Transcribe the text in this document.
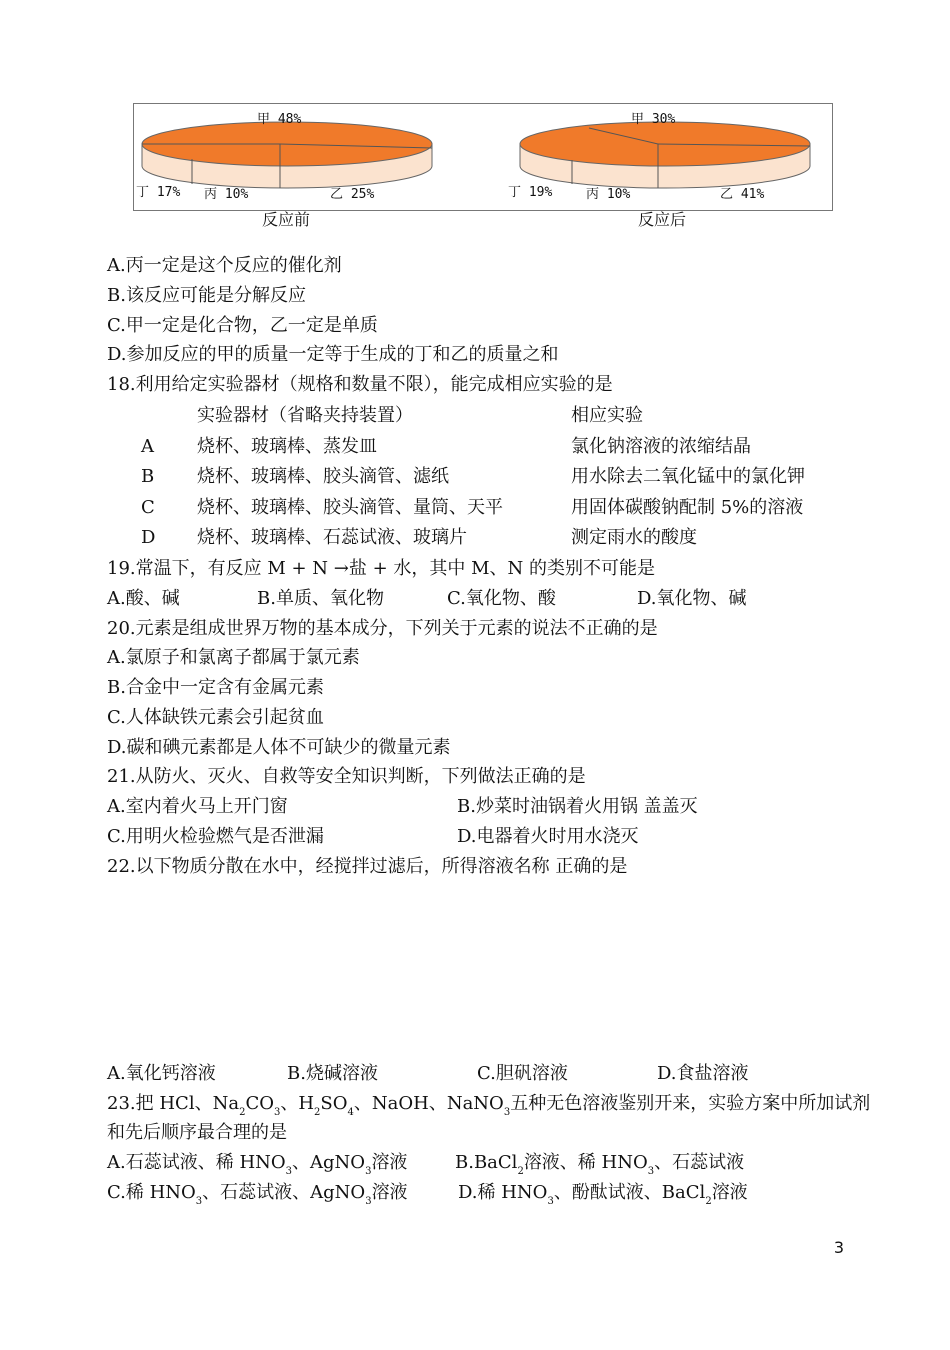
甲 48%
丁 17% 丙 10%	乙 25%
甲 30%
丁 19%	丙 10%	乙 41%
反应前	反应后
A.丙一定是这个反应的催化剂
B.该反应可能是分解反应
C.甲一定是化合物，乙一定是单质
D.参加反应的甲的质量一定等于生成的丁和乙的质量之和
18.利用给定实验器材（规格和数量不限），能完成相应实验的是
实验器材（省略夹持装置）	相应实验
A 烧杯、玻璃棒、蒸发皿	氯化钠溶液的浓缩结晶
B 烧杯、玻璃棒、胶头滴管、滤纸	用水除去二氧化锰中的氯化钾
C 烧杯、玻璃棒、胶头滴管、量筒、天平	用固体碳酸钠配制 5%的溶液
D 烧杯、玻璃棒、石蕊试液、玻璃片	测定雨水的酸度
19.常温下，有反应 M + N →盐 + 水，其中 M、N 的类别不可能是
A.酸、碱	B.单质、氧化物	C.氧化物、酸	D.氧化物、碱
20.元素是组成世界万物的基本成分，下列关于元素的说法不正确的是
A.氯原子和氯离子都属于氯元素
B.合金中一定含有金属元素
C.人体缺铁元素会引起贫血
D.碳和碘元素都是人体不可缺少的微量元素
21.从防火、灭火、自救等安全知识判断，下列做法正确的是
A.室内着火马上开门窗	B.炒菜时油锅着火用锅 盖盖灭
C.用明火检验燃气是否泄漏	D.电器着火时用水浇灭
22.以下物质分散在水中，经搅拌过滤后，所得溶液名称 正确的是
A.氧化钙溶液	B.烧碱溶液	C.胆矾溶液	D.食盐溶液
23.把 HCl、$Na_2CO_3$、$H_2SO_4$、NaOH、NaNO$_3$五种无色溶液鉴别开来，实验方案中所加试剂
和先后顺序最合理的是
A.石蕊试液、稀 $HNO_3$、AgNO$_3$溶液	B.BaCl$_2$溶液、稀 $HNO_3$、石蕊试液
C.稀 $HNO_3$、石蕊试液、AgNO$_3$溶液	D.稀 $HNO_3$、酚酞试液、BaCl$_2$溶液
3
